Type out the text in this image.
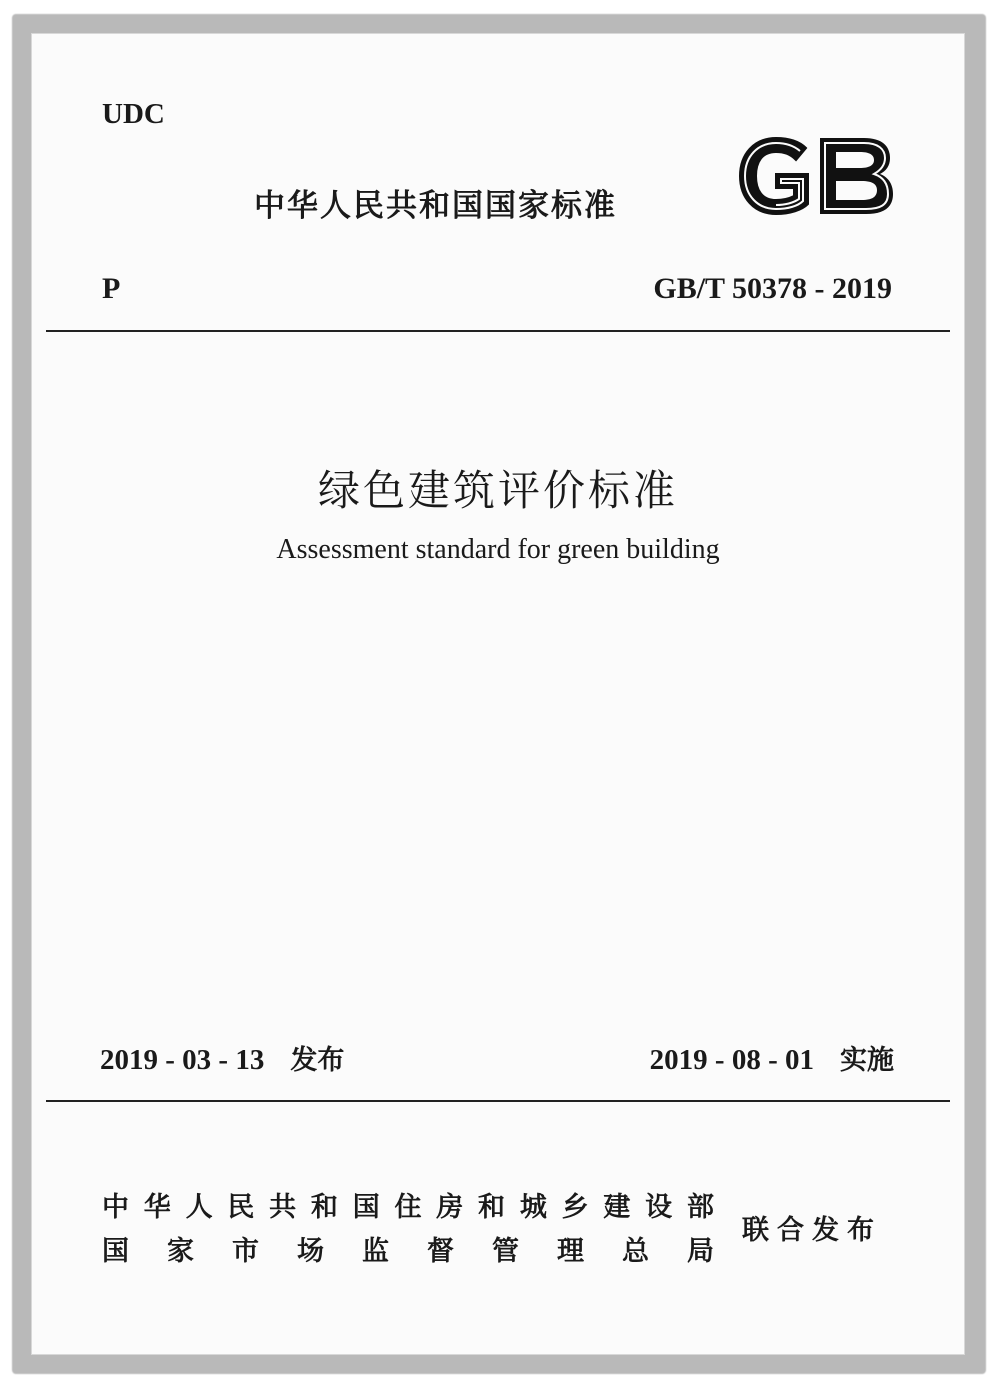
UDC
中华人民共和国国家标准
GB
P	GB/T 50378 - 2019
绿色建筑评价标准
Assessment standard for green building
2019 - 03 - 13 发布	2019 - 08 - 01 实施
中 华 人 民 共 和 国 住 房 和 城 乡 建 设 部
国 家 市 场 监 督 管 理 总 局
联合发布
